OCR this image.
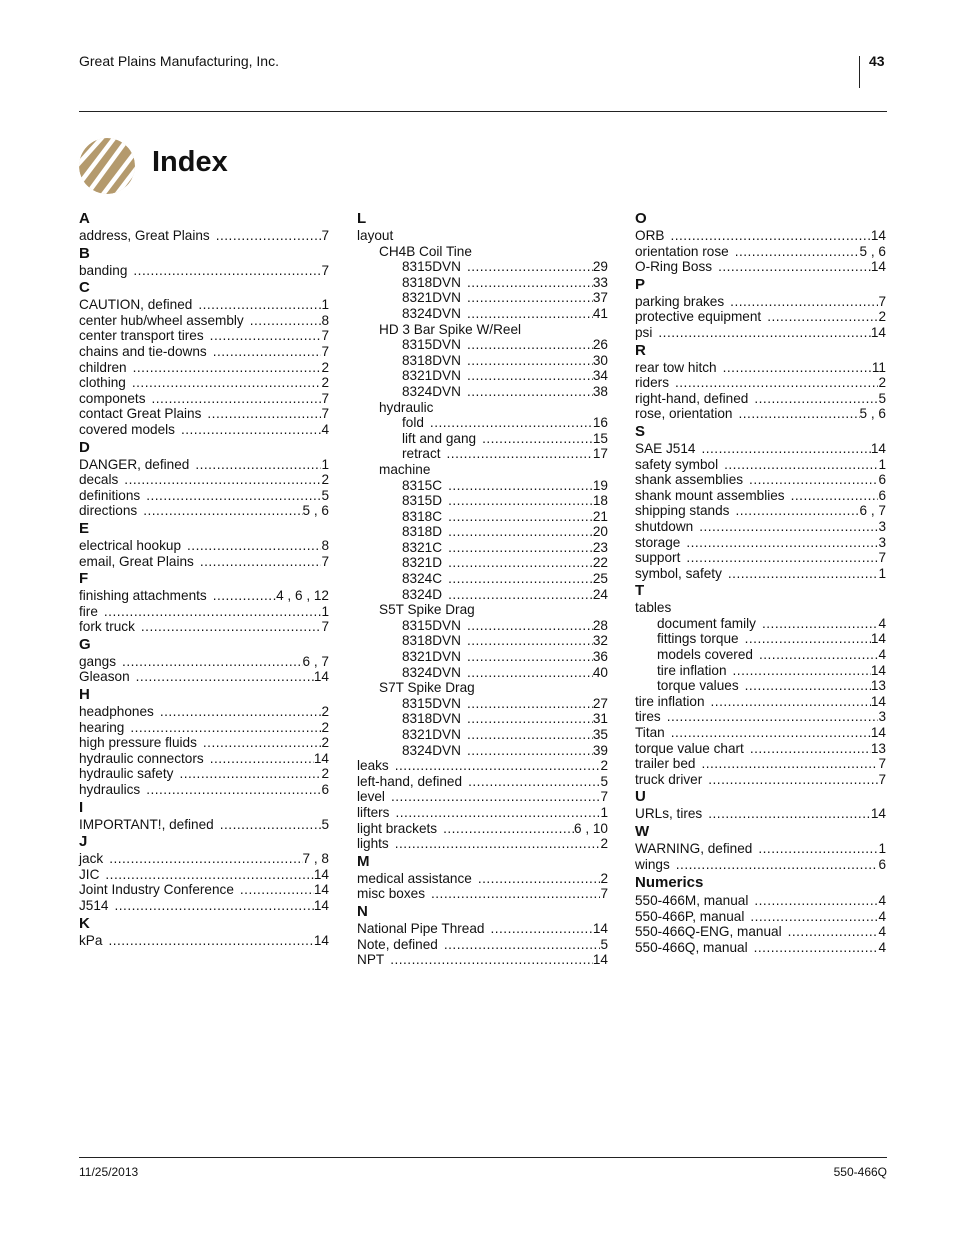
Great Plains Manufacturing, Inc.	43
Index
A
address, Great Plains .....	7
B
banding .....	7
C
CAUTION, defined .....	1
center hub/wheel assembly .....	8
center transport tires .....	7
chains and tie-downs .....	7
children .....	2
clothing .....	2
componets .....	7
contact Great Plains .....	7
covered models .....	4
D
DANGER, defined .....	1
decals .....	2
definitions .....	5
directions .....	5 , 6
E
electrical hookup .....	8
email, Great Plains .....	7
F
finishing attachments .....	4 , 6 , 12
fire .....	1
fork truck .....	7
G
gangs .....	6 , 7
Gleason .....	14
H
headphones .....	2
hearing .....	2
high pressure fluids .....	2
hydraulic connectors .....	14
hydraulic safety .....	2
hydraulics .....	6
I
IMPORTANT!, defined .....	5
J
jack .....	7 , 8
JIC .....	14
Joint Industry Conference .....	14
J514 .....	14
K
kPa .....	14
L
layout
CH4B Coil Tine
8315DVN .....	29
8318DVN .....	33
8321DVN .....	37
8324DVN .....	41
HD 3 Bar Spike W/Reel
8315DVN .....	26
8318DVN .....	30
8321DVN .....	34
8324DVN .....	38
hydraulic
fold .....	16
lift and gang .....	15
retract .....	17
machine
8315C .....	19
8315D .....	18
8318C .....	21
8318D .....	20
8321C .....	23
8321D .....	22
8324C .....	25
8324D .....	24
S5T Spike Drag
8315DVN .....	28
8318DVN .....	32
8321DVN .....	36
8324DVN .....	40
S7T Spike Drag
8315DVN .....	27
8318DVN .....	31
8321DVN .....	35
8324DVN .....	39
leaks .....	2
left-hand, defined .....	5
level .....	7
lifters .....	1
light brackets .....	6 , 10
lights .....	2
M
medical assistance .....	2
misc boxes .....	7
N
National Pipe Thread .....	14
Note, defined .....	5
NPT .....	14
O
ORB .....	14
orientation rose .....	5 , 6
O-Ring Boss .....	14
P
parking brakes .....	7
protective equipment .....	2
psi .....	14
R
rear tow hitch .....	11
riders .....	2
right-hand, defined .....	5
rose, orientation .....	5 , 6
S
SAE J514 .....	14
safety symbol .....	1
shank assemblies .....	6
shank mount assemblies .....	6
shipping stands .....	6 , 7
shutdown .....	3
storage .....	3
support .....	7
symbol, safety .....	1
T
tables
document family .....	4
fittings torque .....	14
models covered .....	4
tire inflation .....	14
torque values .....	13
tire inflation .....	14
tires .....	3
Titan .....	14
torque value chart .....	13
trailer bed .....	7
truck driver .....	7
U
URLs, tires .....	14
W
WARNING, defined .....	1
wings .....	6
Numerics
550-466M, manual .....	4
550-466P, manual .....	4
550-466Q-ENG, manual .....	4
550-466Q, manual .....	4
11/25/2013	550-466Q
